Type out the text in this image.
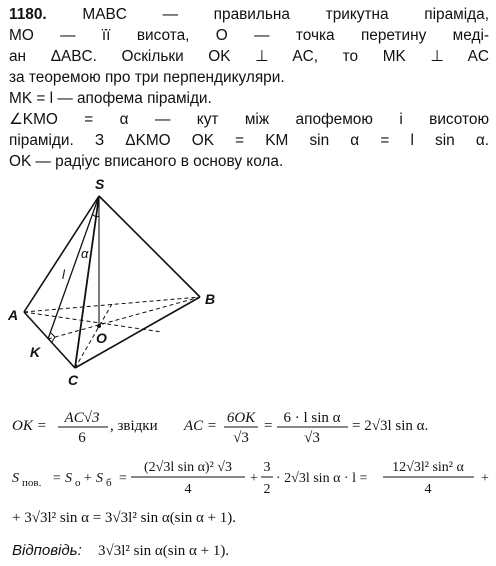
1180. MABC — правильна трикутна піраміда,
MO — її висота, O — точка перетину меді-
ан ΔABC. Оскільки OK ⊥ AC, то MK ⊥ AC
за теоремою про три перпендикуляри.
MK = l — апофема піраміди.
∠KMO = α — кут між апофемою і висотою
піраміди. З ΔKMO OK = KM sin α = l sin α.
OK — радіус вписаного в основу кола.
S
A
B
C
K
O
l
α
OK = AC√3
6
, звідки AC = 6OK
√3
= 6 · l sin α
√3
= 2√3l sin α.
S пов. = S o + S б =
(2√3l sin α)² √3
4
+
3
2
· 2√3l sin α · l =
12√3l² sin² α
4
+
+ 3√3l² sin α = 3√3l² sin α(sin α + 1).
Відповідь: 3√3l² sin α(sin α + 1).
